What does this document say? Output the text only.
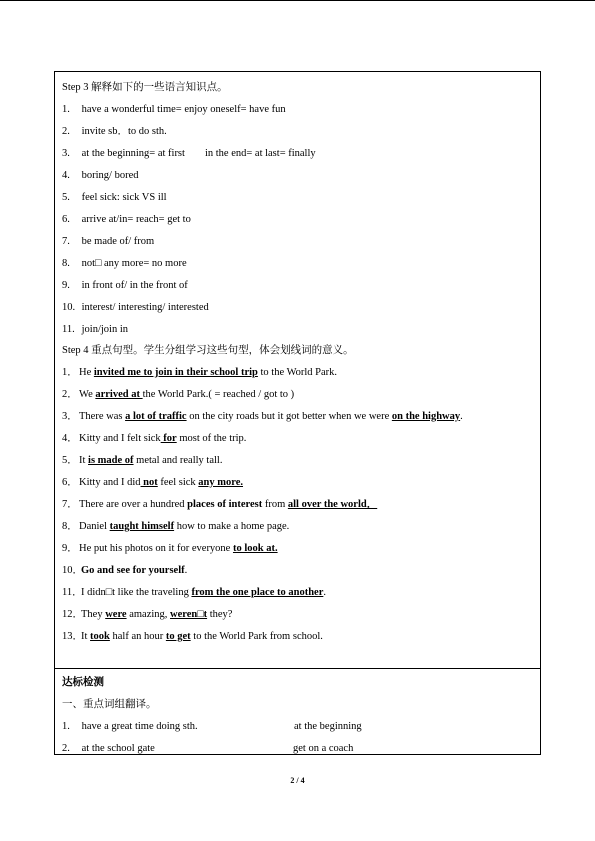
Step 3 解释如下的一些语言知识点。
1. have a wonderful time= enjoy oneself= have fun
2. invite sb．to do sth.
3. at the beginning= at first in the end= at last= finally
4. boring/ bored
5. feel sick: sick VS ill
6. arrive at/in= reach= get to
7. be made of/ from
8. not□ any more= no more
9. in front of/ in the front of
10. interest/ interesting/ interested
11. join/join in
Step 4 重点句型。学生分组学习这些句型，体会划线词的意义。
1．He invited me to join in their school trip to the World Park.
2．We arrived at the World Park.( = reached / got to )
3．There was a lot of traffic on the city roads but it got better when we were on the highway.
4．Kitty and I felt sick for most of the trip.
5．It is made of metal and really tall.
6．Kitty and I did not feel sick any more.
7．There are over a hundred places of interest from all over the world．
8．Daniel taught himself how to make a home page.
9．He put his photos on it for everyone to look at.
10．Go and see for yourself.
11．I didn□t like the traveling from the one place to another.
12．They were amazing, weren□t they?
13．It took half an hour to get to the World Park from school.
达标检测
一、重点词组翻译。
1. have a great time doing sth.	at the beginning
2. at the school gate	get on a coach
2 / 4
